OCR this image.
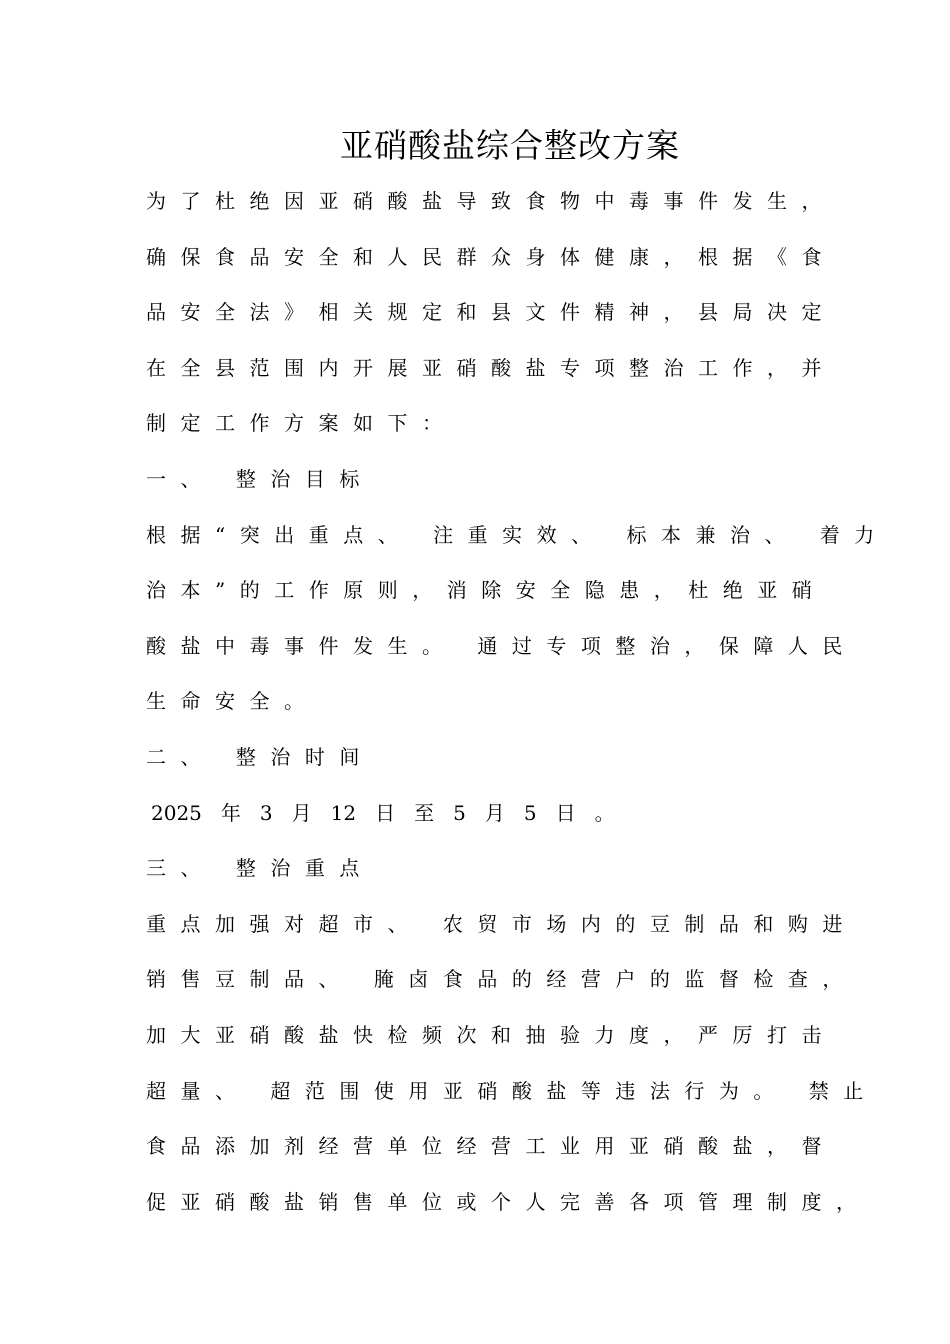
亚硝酸盐综合整改方案
为了杜绝因亚硝酸盐导致食物中毒事件发生，
确保食品安全和人民群众身体健康，根据《食
品安全法》相关规定和县文件精神，县局决定
在全县范围内开展亚硝酸盐专项整治工作，并
制定工作方案如下：
一、 整治目标
根据“突出重点、 注重实效、 标本兼治、 着力
治本”的工作原则，消除安全隐患，杜绝亚硝
酸盐中毒事件发生。 通过专项整治，保障人民
生命安全。
二、 整治时间
2025 年 3 月 12 日 至 5 月 5 日 。
三、 整治重点
重点加强对超市、 农贸市场内的豆制品和购进
销售豆制品、 腌卤食品的经营户的监督检查，
加大亚硝酸盐快检频次和抽验力度，严厉打击
超量、 超范围使用亚硝酸盐等违法行为。 禁止
食品添加剂经营单位经营工业用亚硝酸盐，督
促亚硝酸盐销售单位或个人完善各项管理制度，
